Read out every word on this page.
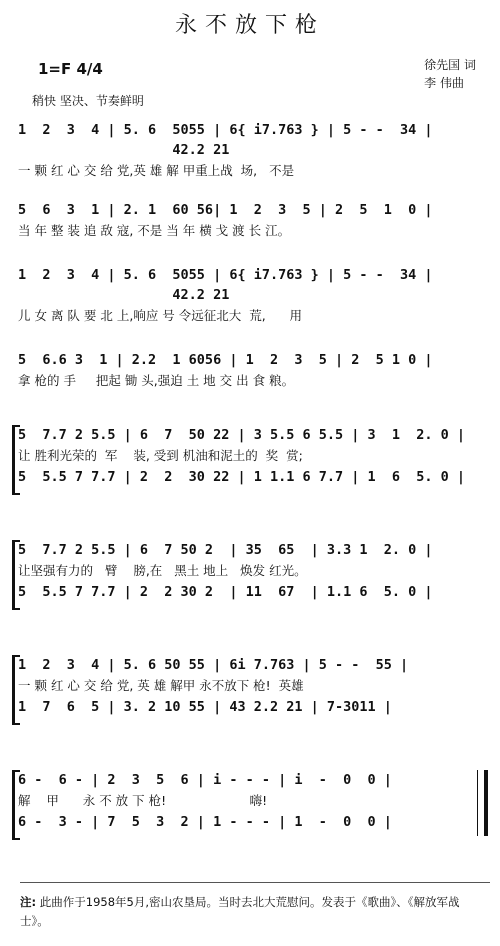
永不放下枪
1=F 4/4
稍快 坚决、节奏鲜明
徐先国 词
李 伟曲
1  2  3  4 | 5. 6  5055 | 6{ i7.763 } | 5 - -  34 |
42.2 21
一 颗 红 心 交 给 党,英 雄 解 甲重上战  场,   不是
5  6  3  1 | 2. 1  60 56| 1  2  3  5 | 2  5  1  0 |
当 年 整 装 追 敌 寇, 不是 当 年 横 戈 渡 长 江。
1  2  3  4 | 5. 6  5055 | 6{ i7.763 } | 5 - -  34 |
42.2 21
儿 女 离 队 要 北 上,响应 号 令远征北大  荒,      用
5  6.6 3  1 | 2.2  1 6056 | 1  2  3  5 | 2  5 1 0 |
拿 枪的 手     把起 锄 头,强迫 土 地 交 出 食 粮。
5  7.7 2 5.5 | 6  7  50 22 | 3 5.5 6 5.5 | 3  1  2. 0 |
让 胜利光荣的  军    装, 受到 机油和泥土的  奖  赏;
5  5.5 7 7.7 | 2  2  30 22 | 1 1.1 6 7.7 | 1  6  5. 0 |
5  7.7 2 5.5 | 6  7 50 2  | 35  65  | 3.3 1  2. 0 |
让坚强有力的   臂    膀,在   黑土 地上   焕发 红光。
5  5.5 7 7.7 | 2  2 30 2  | 11  67  | 1.1 6  5. 0 |
1  2  3  4 | 5. 6 50 55 | 6i 7.763 | 5 - -  55 |
一 颗 红 心 交 给 党, 英 雄 解甲 永不放下 枪!  英雄
1  7  6  5 | 3. 2 10 55 | 43 2.2 21 | 7-3011 |
6 -  6 - | 2  3  5  6 | i - - - | i  -  0  0 |
解    甲      永 不 放 下 枪!                     嗨!
6 -  3 - | 7  5  3  2 | 1 - - - | 1  -  0  0 |
注: 此曲作于1958年5月,密山农垦局。当时去北大荒慰问。发表于《歌曲》、《解放军战士》。
